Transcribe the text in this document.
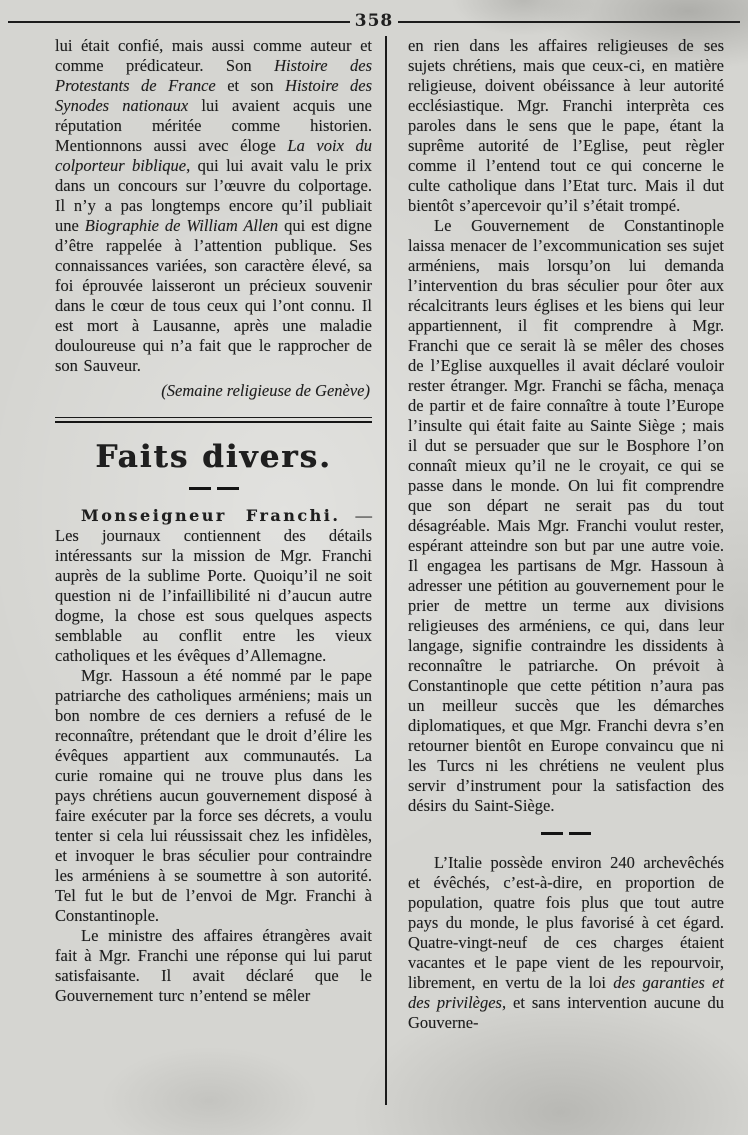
358

lui était confié, mais aussi comme auteur et comme prédicateur. Son Histoire des Protestants de France et son Histoire des Synodes nationaux lui avaient acquis une réputation méritée comme historien. Mentionnons aussi avec éloge La voix du colporteur biblique, qui lui avait valu le prix dans un concours sur l’œuvre du colportage. Il n’y a pas longtemps encore qu’il publiait une Biographie de William Allen qui est digne d’être rappelée à l’attention publique. Ses connaissances variées, son caractère élevé, sa foi éprouvée laisseront un précieux souvenir dans le cœur de tous ceux qui l’ont connu. Il est mort à Lausanne, après une maladie douloureuse qui n’a fait que le rapprocher de son Sauveur.

(Semaine religieuse de Genève)

Faits divers.

Monseigneur Franchi. — Les journaux contiennent des détails intéressants sur la mission de Mgr. Franchi auprès de la sublime Porte. Quoiqu’il ne soit question ni de l’infaillibilité ni d’aucun autre dogme, la chose est sous quelques aspects semblable au conflit entre les vieux catholiques et les évêques d’Allemagne.

Mgr. Hassoun a été nommé par le pape patriarche des catholiques arméniens; mais un bon nombre de ces derniers a refusé de le reconnaître, prétendant que le droit d’élire les évêques appartient aux communautés. La curie romaine qui ne trouve plus dans les pays chrétiens aucun gouvernement disposé à faire exécuter par la force ses décrets, a voulu tenter si cela lui réussissait chez les infidèles, et invoquer le bras séculier pour contraindre les arméniens à se soumettre à son autorité. Tel fut le but de l’envoi de Mgr. Franchi à Constantinople.

Le ministre des affaires étrangères avait fait à Mgr. Franchi une réponse qui lui parut satisfaisante. Il avait déclaré que le Gouvernement turc n’entend se mêler

en rien dans les affaires religieuses de ses sujets chrétiens, mais que ceux-ci, en matière religieuse, doivent obéissance à leur autorité ecclésiastique. Mgr. Franchi interprèta ces paroles dans le sens que le pape, étant la suprême autorité de l’Eglise, peut règler comme il l’entend tout ce qui concerne le culte catholique dans l’Etat turc. Mais il dut bientôt s’apercevoir qu’il s’était trompé.

Le Gouvernement de Constantinople laissa menacer de l’excommunication ses sujet arméniens, mais lorsqu’on lui demanda l’intervention du bras séculier pour ôter aux récalcitrants leurs églises et les biens qui leur appartiennent, il fit comprendre à Mgr. Franchi que ce serait là se mêler des choses de l’Eglise auxquelles il avait déclaré vouloir rester étranger. Mgr. Franchi se fâcha, menaça de partir et de faire connaître à toute l’Europe l’insulte qui était faite au Sainte Siège ; mais il dut se persuader que sur le Bosphore l’on connaît mieux qu’il ne le croyait, ce qui se passe dans le monde. On lui fit comprendre que son départ ne serait pas du tout désagréable. Mais Mgr. Franchi voulut rester, espérant atteindre son but par une autre voie. Il engagea les partisans de Mgr. Hassoun à adresser une pétition au gouvernement pour le prier de mettre un terme aux divisions religieuses des arméniens, ce qui, dans leur langage, signifie contraindre les dissidents à reconnaître le patriarche. On prévoit à Constantinople que cette pétition n’aura pas un meilleur succès que les démarches diplomatiques, et que Mgr. Franchi devra s’en retourner bientôt en Europe convaincu que ni les Turcs ni les chrétiens ne veulent plus servir d’instrument pour la satisfaction des désirs du Saint-Siège.

L’Italie possède environ 240 archevêchés et évêchés, c’est-à-dire, en proportion de population, quatre fois plus que tout autre pays du monde, le plus favorisé à cet égard. Quatre-vingt-neuf de ces charges étaient vacantes et le pape vient de les repourvoir, librement, en vertu de la loi des garanties et des privilèges, et sans intervention aucune du Gouverne-
